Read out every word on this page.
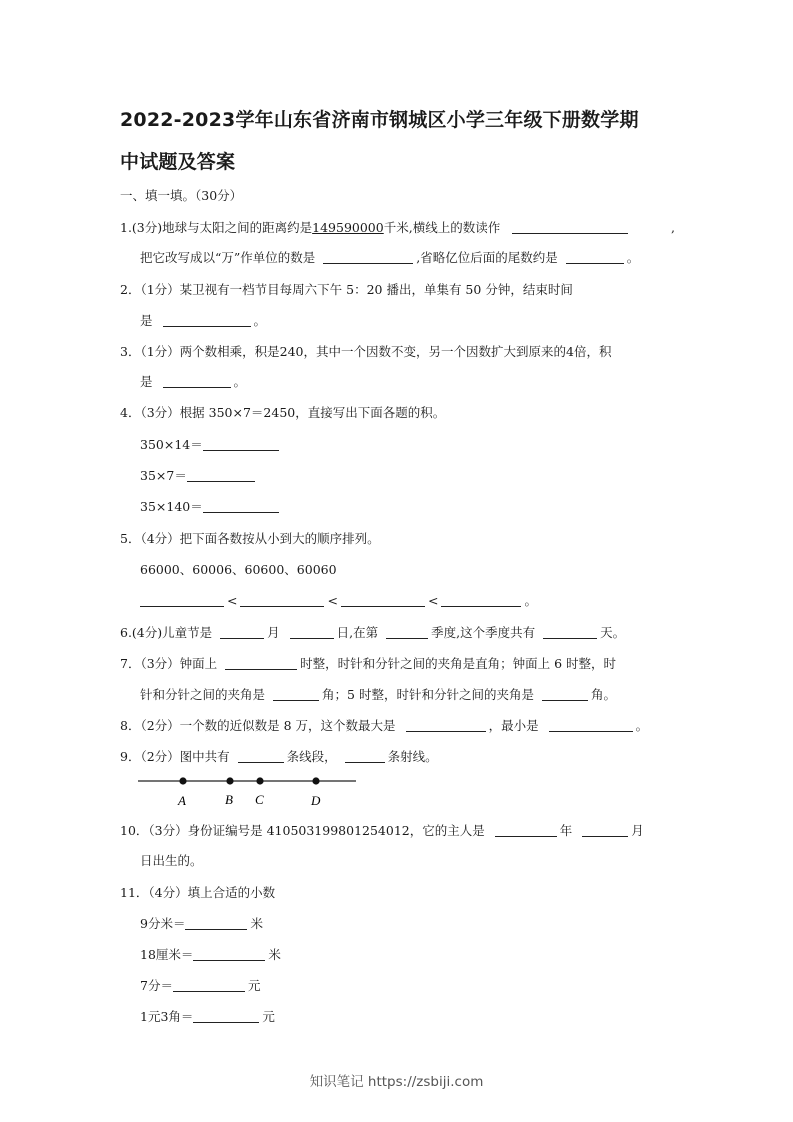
2022-2023学年山东省济南市钢城区小学三年级下册数学期
中试题及答案
一、填一填。（30分）
1.(3分)地球与太阳之间的距离约是149590000千米,横线上的数读作	,
把它改写成以“万”作单位的数是	,省略亿位后面的尾数约是	。
2．（1分）某卫视有一档节目每周六下午 5：20 播出，单集有 50 分钟，结束时间
是	。
3．（1分）两个数相乘，积是240，其中一个因数不变，另一个因数扩大到原来的4倍，积
是	。
4．（3分）根据 350×7＝2450，直接写出下面各题的积。
350×14＝
35×7＝
35×140＝
5．（4分）把下面各数按从小到大的顺序排列。
66000、60006、60600、60060
<	<	<	。
6.(4分)儿童节是	月	日,在第	季度,这个季度共有	天。
7．（3分）钟面上	时整，时针和分针之间的夹角是直角；钟面上 6 时整，时
针和分针之间的夹角是	角；5 时整，时针和分针之间的夹角是	角。
8．（2分）一个数的近似数是 8 万，这个数最大是	，最小是	。
9．（2分）图中共有	条线段，	条射线。
A	B C	D
10．（3分）身份证编号是 410503199801254012，它的主人是	年	月
日出生的。
11．（4分）填上合适的小数
9分米＝	米
18厘米＝	米
7分＝	元
1元3角＝	元
知识笔记 https://zsbiji.com
